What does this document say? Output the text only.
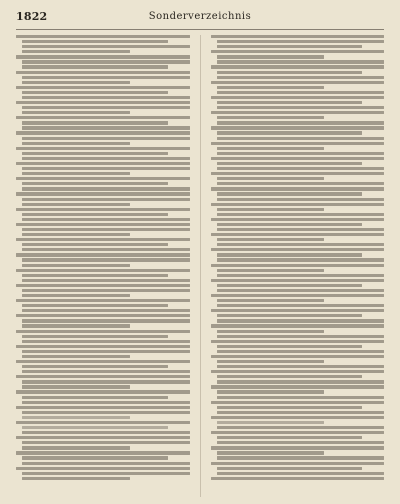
1822	Sonderverzeichnis
